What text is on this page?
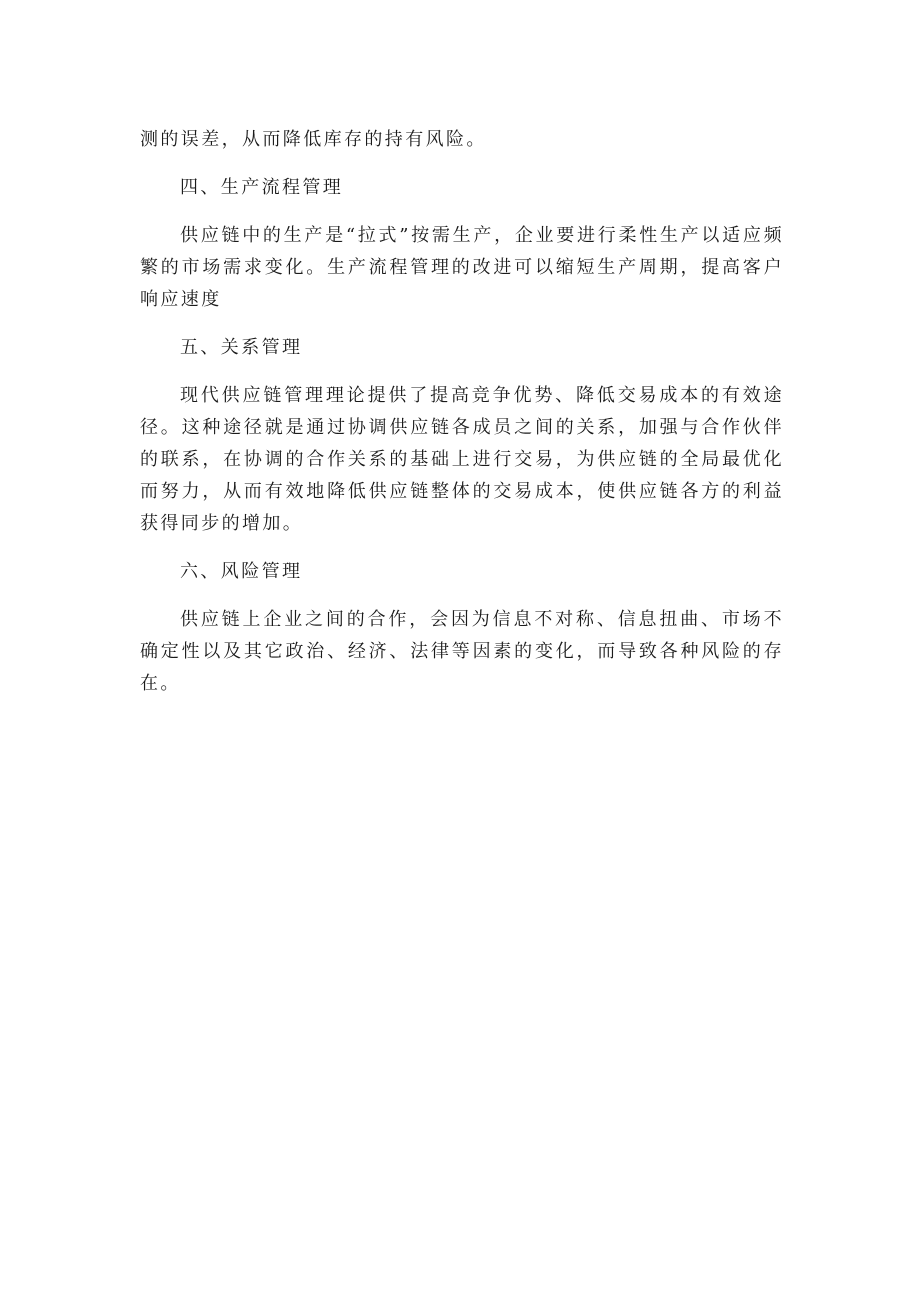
测的误差，从而降低库存的持有风险。

四、生产流程管理

供应链中的生产是“拉式”按需生产，企业要进行柔性生产以适应频繁的市场需求变化。生产流程管理的改进可以缩短生产周期，提高客户响应速度

五、关系管理

现代供应链管理理论提供了提高竞争优势、降低交易成本的有效途径。这种途径就是通过协调供应链各成员之间的关系，加强与合作伙伴的联系，在协调的合作关系的基础上进行交易，为供应链的全局最优化而努力，从而有效地降低供应链整体的交易成本，使供应链各方的利益获得同步的增加。

六、风险管理

供应链上企业之间的合作，会因为信息不对称、信息扭曲、市场不确定性以及其它政治、经济、法律等因素的变化，而导致各种风险的存在。
